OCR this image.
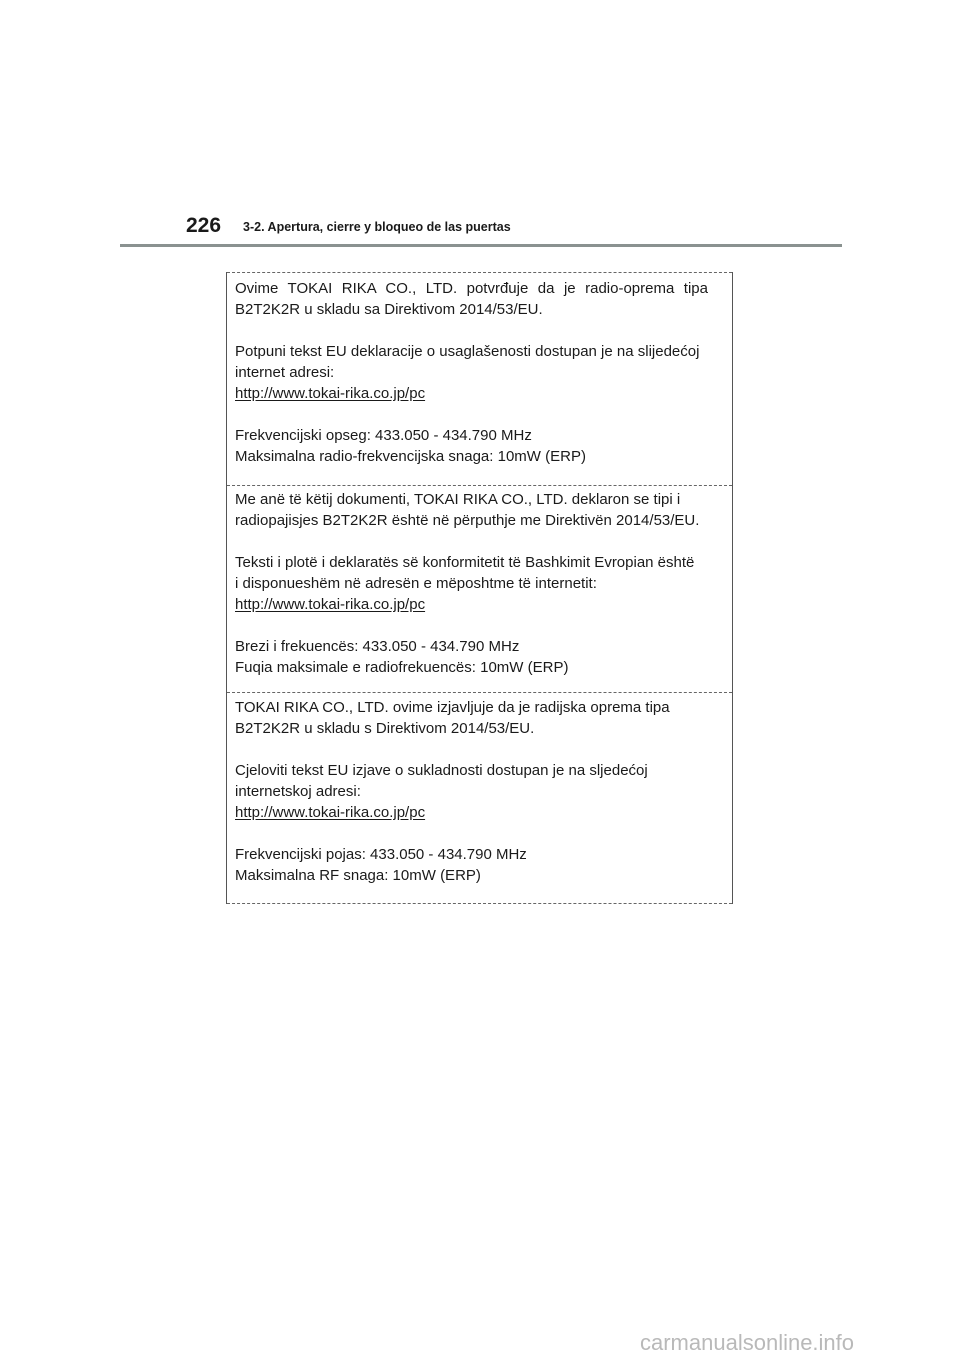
226 3-2. Apertura, cierre y bloqueo de las puertas
Ovime TOKAI RIKA CO., LTD. potvrđuje da je radio-oprema tipa
B2T2K2R u skladu sa Direktivom 2014/53/EU.
Potpuni tekst EU deklaracije o usaglašenosti dostupan je na slijedećoj
internet adresi:
http://www.tokai-rika.co.jp/pc
Frekvencijski opseg: 433.050 - 434.790 MHz
Maksimalna radio-frekvencijska snaga: 10mW (ERP)
Me anë të këtij dokumenti, TOKAI RIKA CO., LTD. deklaron se tipi i
radiopajisjes B2T2K2R është në përputhje me Direktivën 2014/53/EU.
Teksti i plotë i deklaratës së konformitetit të Bashkimit Evropian është
i disponueshëm në adresën e mëposhtme të internetit:
http://www.tokai-rika.co.jp/pc
Brezi i frekuencës: 433.050 - 434.790 MHz
Fuqia maksimale e radiofrekuencës: 10mW (ERP)
TOKAI RIKA CO., LTD. ovime izjavljuje da je radijska oprema tipa
B2T2K2R u skladu s Direktivom 2014/53/EU.
Cjeloviti tekst EU izjave o sukladnosti dostupan je na sljedećoj
internetskoj adresi:
http://www.tokai-rika.co.jp/pc
Frekvencijski pojas: 433.050 - 434.790 MHz
Maksimalna RF snaga: 10mW (ERP)
carmanualsonline.info
